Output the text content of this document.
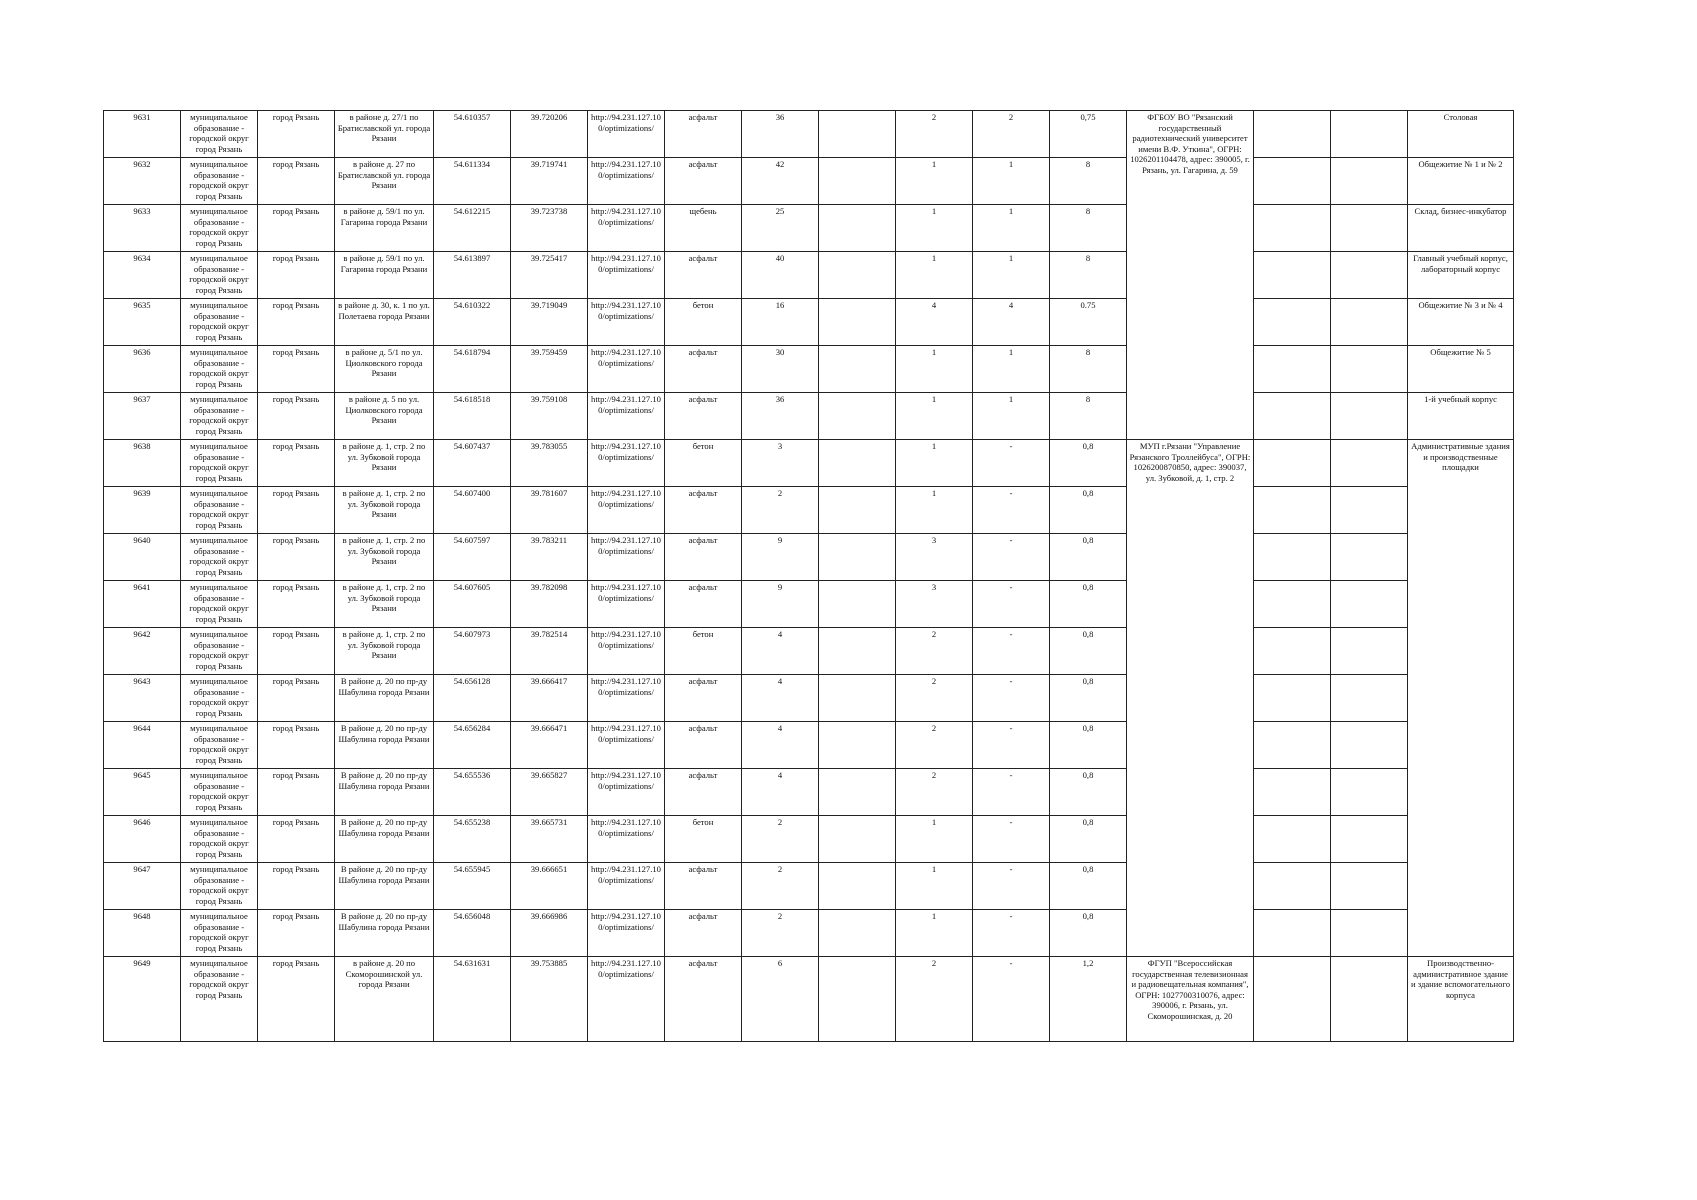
9631	муниципальное образование - городской округ город Рязань	город Рязань	в районе д. 27/1 по Братиславской ул. города Рязани	54.610357	39.720206	http://94.231.127.100/optimizations/	асфальт	36		2	2	0,75	ФГБОУ ВО "Рязанский государственный радиотехнический университет имени В.Ф. Уткина", ОГРН: 1026201104478, адрес: 390005, г. Рязань, ул. Гагарина, д. 59			Столовая
9632	муниципальное образование - городской округ город Рязань	город Рязань	в районе д. 27 по Братиславской ул. города Рязани	54.611334	39.719741	http://94.231.127.100/optimizations/	асфальт	42		1	1	8				Общежитие № 1 и № 2
9633	муниципальное образование - городской округ город Рязань	город Рязань	в районе д. 59/1 по ул. Гагарина города Рязани	54.612215	39.723738	http://94.231.127.100/optimizations/	щебень	25		1	1	8				Склад, бизнес-инкубатор
9634	муниципальное образование - городской округ город Рязань	город Рязань	в районе д. 59/1 по ул. Гагарина города Рязани	54.613897	39.725417	http://94.231.127.100/optimizations/	асфальт	40		1	1	8				Главный учебный корпус, лабораторный корпус
9635	муниципальное образование - городской округ город Рязань	город Рязань	в районе д. 30, к. 1 по ул. Полетаева города Рязани	54.610322	39.719049	http://94.231.127.100/optimizations/	бетон	16		4	4	0.75				Общежитие № 3 и № 4
9636	муниципальное образование - городской округ город Рязань	город Рязань	в районе д. 5/1 по ул. Циолковского города Рязани	54.618794	39.759459	http://94.231.127.100/optimizations/	асфальт	30		1	1	8				Общежитие № 5
9637	муниципальное образование - городской округ город Рязань	город Рязань	в районе д. 5 по ул. Циолковского города Рязани	54.618518	39.759108	http://94.231.127.100/optimizations/	асфальт	36		1	1	8				1-й учебный корпус
9638	муниципальное образование - городской округ город Рязань	город Рязань	в районе д. 1, стр. 2 по ул. Зубковой города Рязани	54.607437	39.783055	http://94.231.127.100/optimizations/	бетон	3		1	-	0,8	МУП г.Рязани "Управление Рязанского Троллейбуса", ОГРН: 1026200870850, адрес: 390037, ул. Зубковой, д. 1, стр. 2			Административные здания и производственные площадки
9639	муниципальное образование - городской округ город Рязань	город Рязань	в районе д. 1, стр. 2 по ул. Зубковой города Рязани	54.607400	39.781607	http://94.231.127.100/optimizations/	асфальт	2		1	-	0,8				
9640	муниципальное образование - городской округ город Рязань	город Рязань	в районе д. 1, стр. 2 по ул. Зубковой города Рязани	54.607597	39.783211	http://94.231.127.100/optimizations/	асфальт	9		3	-	0,8				
9641	муниципальное образование - городской округ город Рязань	город Рязань	в районе д. 1, стр. 2 по ул. Зубковой города Рязани	54.607605	39.782098	http://94.231.127.100/optimizations/	асфальт	9		3	-	0,8				
9642	муниципальное образование - городской округ город Рязань	город Рязань	в районе д. 1, стр. 2 по ул. Зубковой города Рязани	54.607973	39.782514	http://94.231.127.100/optimizations/	бетон	4		2	-	0,8				
9643	муниципальное образование - городской округ город Рязань	город Рязань	В районе д. 20 по пр-ду Шабулина города Рязани	54.656128	39.666417	http://94.231.127.100/optimizations/	асфальт	4		2	-	0,8				
9644	муниципальное образование - городской округ город Рязань	город Рязань	В районе д. 20 по пр-ду Шабулина города Рязани	54.656284	39.666471	http://94.231.127.100/optimizations/	асфальт	4		2	-	0,8				
9645	муниципальное образование - городской округ город Рязань	город Рязань	В районе д. 20 по пр-ду Шабулина города Рязани	54.655536	39.665827	http://94.231.127.100/optimizations/	асфальт	4		2	-	0,8				
9646	муниципальное образование - городской округ город Рязань	город Рязань	В районе д. 20 по пр-ду Шабулина города Рязани	54.655238	39.665731	http://94.231.127.100/optimizations/	бетон	2		1	-	0,8				
9647	муниципальное образование - городской округ город Рязань	город Рязань	В районе д. 20 по пр-ду Шабулина города Рязани	54.655945	39.666651	http://94.231.127.100/optimizations/	асфальт	2		1	-	0,8				
9648	муниципальное образование - городской округ город Рязань	город Рязань	В районе д. 20 по пр-ду Шабулина города Рязани	54.656048	39.666986	http://94.231.127.100/optimizations/	асфальт	2		1	-	0,8				
9649	муниципальное образование - городской округ город Рязань	город Рязань	в районе д. 20 по Скоморошинской ул. города Рязани	54.631631	39.753885	http://94.231.127.100/optimizations/	асфальт	6		2	-	1,2	ФГУП "Всероссийская государственная телевизионная и радиовещательная компания", ОГРН: 1027700310076, адрес: 390006, г. Рязань, ул. Скоморошинская, д. 20			Производственно-административное здание и здание вспомогательного корпуса
